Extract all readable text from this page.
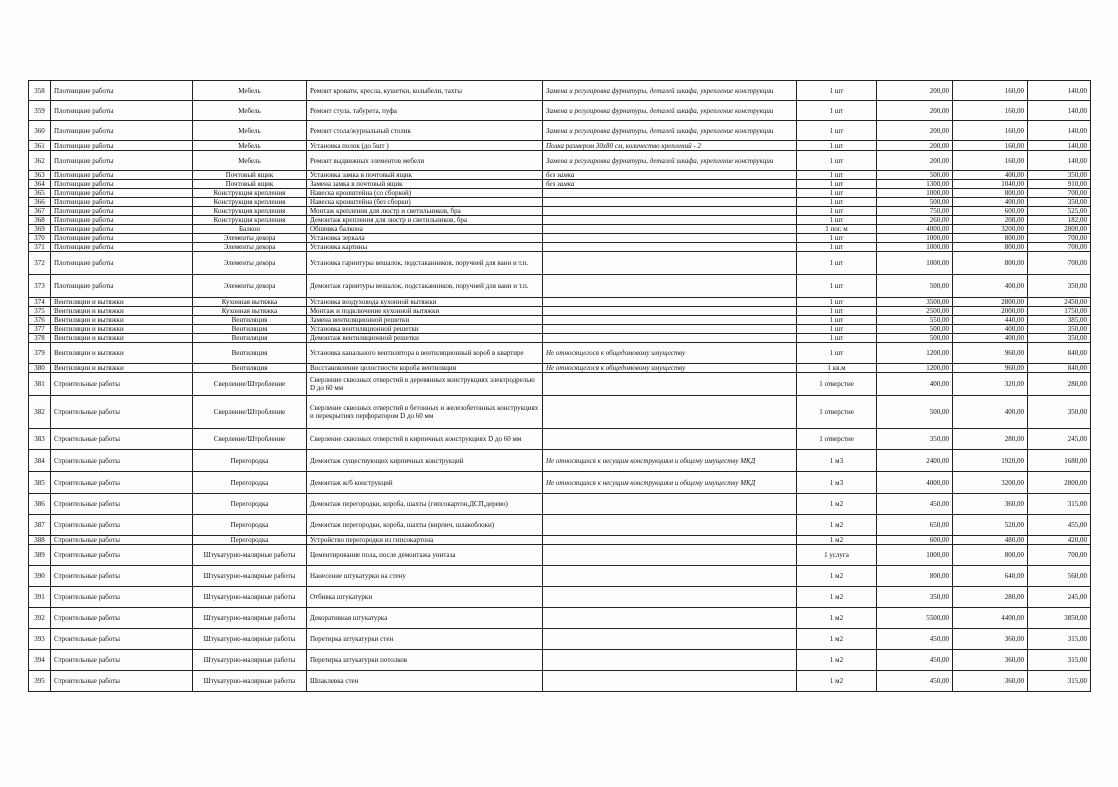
358	Плотницкие работы	Мебель	Ремонт кровати, кресла, кушетки, колыбели, тахты	Замена и регулировка фурнитуры, деталей шкафа, укрепление конструкции	1 шт	200,00	160,00	140,00
359	Плотницкие работы	Мебель	Ремонт стула, табурета, пуфа	Замена и регулировка фурнитуры, деталей шкафа, укрепление конструкции	1 шт	200,00	160,00	140,00
360	Плотницкие работы	Мебель	Ремонт стола/журнальный столик	Замена и регулировка фурнитуры, деталей шкафа, укрепление конструкции	1 шт	200,00	160,00	140,00
361	Плотницкие работы	Мебель	Установка полок (до 5шт )	Полка размером 30х80 см, количество креплений - 2	1 шт	200,00	160,00	140,00
362	Плотницкие работы	Мебель	Ремонт выдвижных элементов мебели	Замена и регулировка фурнитуры, деталей шкафа, укрепление конструкции	1 шт	200,00	160,00	140,00
363	Плотницкие работы	Почтовый ящик	Установка замка в почтовый ящик	без замка	1 шт	500,00	400,00	350,00
364	Плотницкие работы	Почтовый ящик	Замена замка в почтовый ящик	без замка	1 шт	1300,00	1040,00	910,00
365	Плотницкие работы	Конструкция крепления	Навеска кронштейна (со сборкой)		1 шт	1000,00	800,00	700,00
366	Плотницкие работы	Конструкция крепления	Навеска кронштейна (без сборки)		1 шт	500,00	400,00	350,00
367	Плотницкие работы	Конструкция крепления	Монтаж крепления для люстр и светильников, бра		1 шт	750,00	600,00	525,00
368	Плотницкие работы	Конструкция крепления	Демонтаж крепления для люстр и светильников, бра		1 шт	260,00	208,00	182,00
369	Плотницкие работы	Балкон	Обшивка балкона		1 пог. м	4000,00	3200,00	2800,00
370	Плотницкие работы	Элементы декора	Установка зеркала		1 шт	1000,00	800,00	700,00
371	Плотницкие работы	Элементы декора	Установка картины		1 шт	1000,00	800,00	700,00
372	Плотницкие работы	Элементы декора	Установка гарнитуры вешалок, подстаканников, поручней для ванн и т.п.		1 шт	1000,00	800,00	700,00
373	Плотницкие работы	Элементы декора	Демонтаж гарнитуры вешалок, подстаканников, поручней для ванн и т.п.		1 шт	500,00	400,00	350,00
374	Вентиляции и вытяжки	Кухонная вытяжка	Установка воздуховода кухонной вытяжки		1 шт	3500,00	2800,00	2450,00
375	Вентиляции и вытяжки	Кухонная вытяжка	Монтаж и подключение кухонной вытяжки		1 шт	2500,00	2000,00	1750,00
376	Вентиляции и вытяжки	Вентиляция	Замена вентиляционной решетки		1 шт	550,00	440,00	385,00
377	Вентиляции и вытяжки	Вентиляция	Установка вентиляционной решетки		1 шт	500,00	400,00	350,00
378	Вентиляции и вытяжки	Вентиляция	Демонтаж вентиляционной решетки		1 шт	500,00	400,00	350,00
379	Вентиляции и вытяжки	Вентиляция	Установка канального вентилятора в вентиляционный короб в квартире	Не относящегося к общедомовому имуществу	1 шт	1200,00	960,00	840,00
380	Вентиляции и вытяжки	Вентиляция	Восстановление целостности короба вентиляции	Не относящегося к общедомовому имуществу	1 кв.м	1200,00	960,00	840,00
381	Строительные работы	Сверление/Штробление	Сверление сквозных отверстий в деревянных конструкциях электродрелью D до 60 мм		1 отверстие	400,00	320,00	280,00
382	Строительные работы	Сверление/Штробление	Сверление сквозных отверстий в бетонных и железобетонных конструкциях и перекрытиях перфоратором D до 60 мм		1 отверстие	500,00	400,00	350,00
383	Строительные работы	Сверление/Штробление	Сверление сквозных отверстий в кирпичных конструкциях D до 60 мм		1 отверстие	350,00	280,00	245,00
384	Строительные работы	Перегородка	Демонтаж существующих кирпичных конструкций	Не относящихся к несущим конструкциям и общему имуществу МКД	1 м3	2400,00	1920,00	1680,00
385	Строительные работы	Перегородка	Демонтаж ж/б конструкций	Не относящихся к несущим конструкциям и общему имуществу МКД	1 м3	4000,00	3200,00	2800,00
386	Строительные работы	Перегородка	Демонтаж перегородки, короба, шахты (гипсокартон,ДСП,дерево)		1 м2	450,00	360,00	315,00
387	Строительные работы	Перегородка	Демонтаж перегородки, короба, шахты (кирпич, шлакоблоки)		1 м2	650,00	520,00	455,00
388	Строительные работы	Перегородка	Устройство перегородки из гипсокартона		1 м2	600,00	480,00	420,00
389	Строительные работы	Штукатурно-малярные работы	Цементирование пола, после демонтажа унитаза		1 услуга	1000,00	800,00	700,00
390	Строительные работы	Штукатурно-малярные работы	Нанесение штукатурки на стену		1 м2	800,00	640,00	560,00
391	Строительные работы	Штукатурно-малярные работы	Отбивка штукатурки		1 м2	350,00	280,00	245,00
392	Строительные работы	Штукатурно-малярные работы	Декоративная штукатурка		1 м2	5500,00	4400,00	3850,00
393	Строительные работы	Штукатурно-малярные работы	Перетирка штукатурки стен		1 м2	450,00	360,00	315,00
394	Строительные работы	Штукатурно-малярные работы	Перетирка штукатурки потолков		1 м2	450,00	360,00	315,00
395	Строительные работы	Штукатурно-малярные работы	Шпаклевка стен		1 м2	450,00	360,00	315,00
